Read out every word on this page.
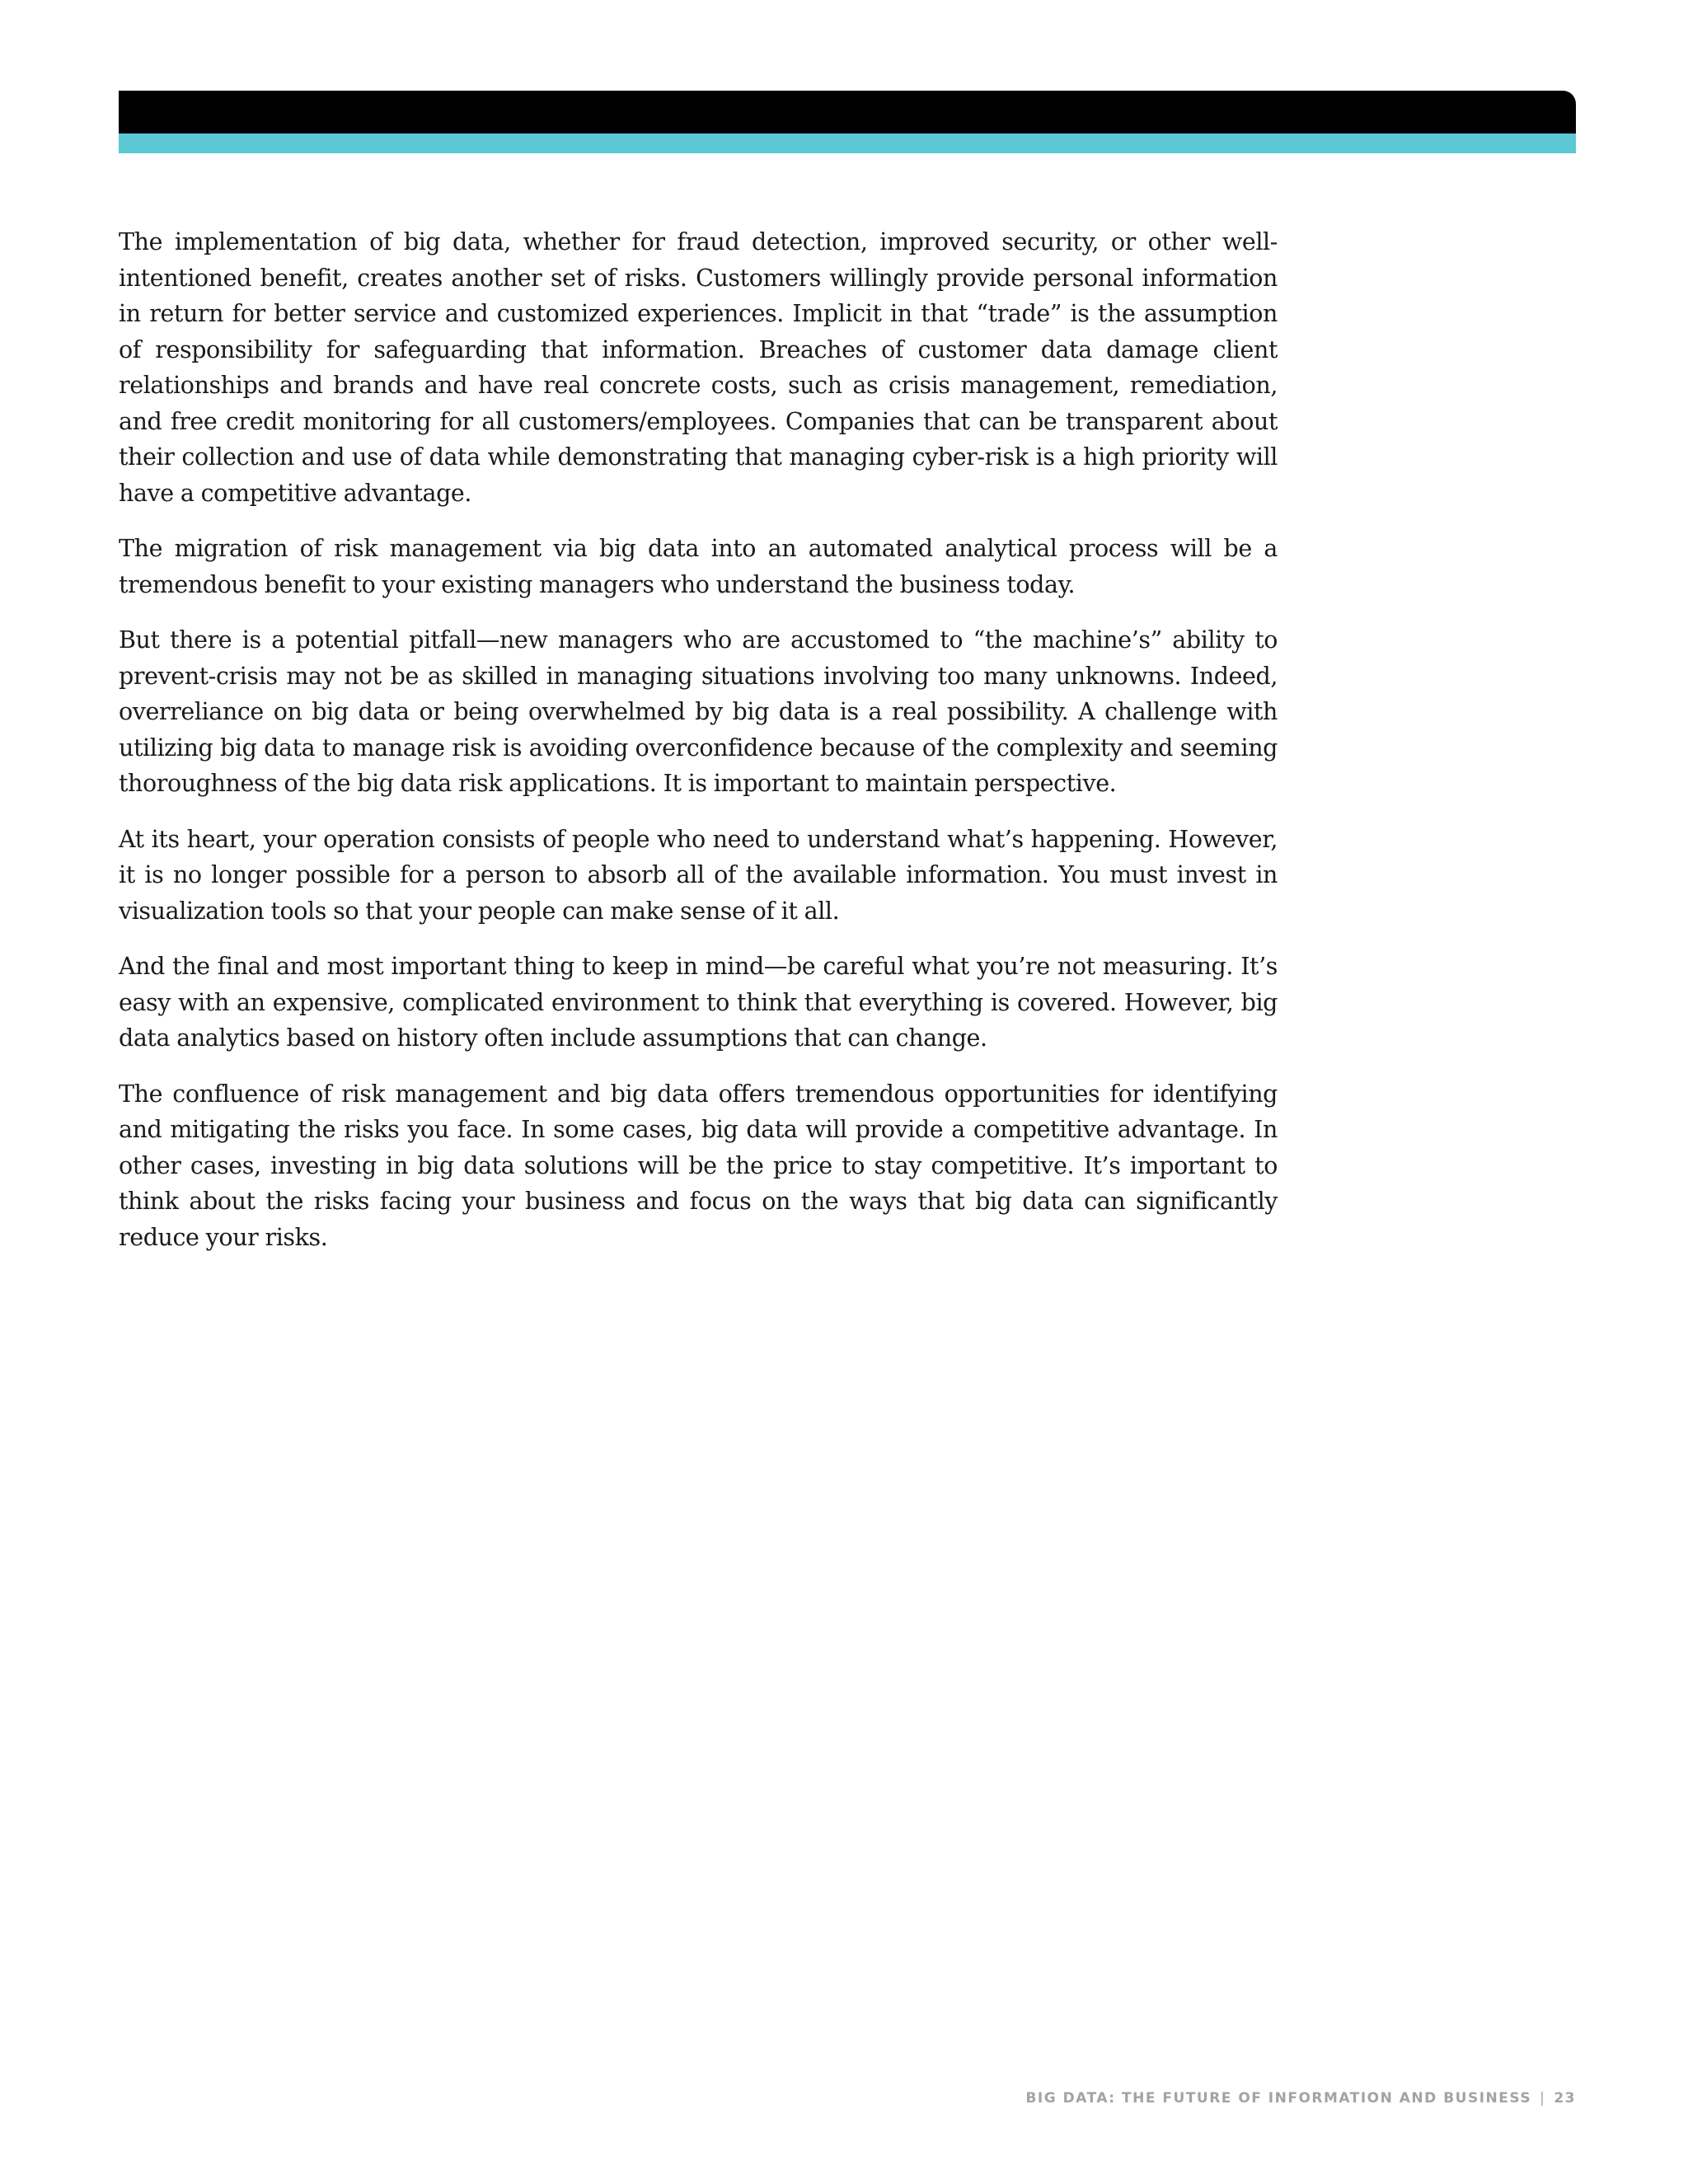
The implementation of big data, whether for fraud detection, improved security, or other well-intentioned benefit, creates another set of risks. Customers willingly provide personal information in return for better service and customized experiences. Implicit in that “trade” is the assumption of responsibility for safeguarding that information. Breaches of customer data damage client relationships and brands and have real concrete costs, such as crisis management, remediation, and free credit monitoring for all customers/​employees. Companies that can be transparent about their collection and use of data while demonstrating that managing cyber-risk is a high priority will have a competitive advantage.

The migration of risk management via big data into an automated analytical process will be a tremendous benefit to your existing managers who understand the business today.

But there is a potential pitfall—new managers who are accustomed to “the machine’s” ability to prevent-crisis may not be as skilled in managing situations involving too many unknowns. Indeed, overreliance on big data or being overwhelmed by big data is a real possibility. A challenge with utilizing big data to manage risk is avoiding overconfidence because of the complexity and seeming thoroughness of the big data risk applications. It is important to maintain perspective.

At its heart, your operation consists of people who need to understand what’s happening. However, it is no longer possible for a person to absorb all of the available information. You must invest in visualization tools so that your people can make sense of it all.

And the final and most important thing to keep in mind—be careful what you’re not measuring. It’s easy with an expensive, complicated environment to think that everything is covered. However, big data analytics based on history often include assumptions that can change.

The confluence of risk management and big data offers tremendous opportunities for identifying and mitigating the risks you face. In some cases, big data will provide a competitive advantage. In other cases, investing in big data solutions will be the price to stay competitive. It’s important to think about the risks facing your business and focus on the ways that big data can significantly reduce your risks.

BIG DATA: THE FUTURE OF INFORMATION AND BUSINESS | 23
